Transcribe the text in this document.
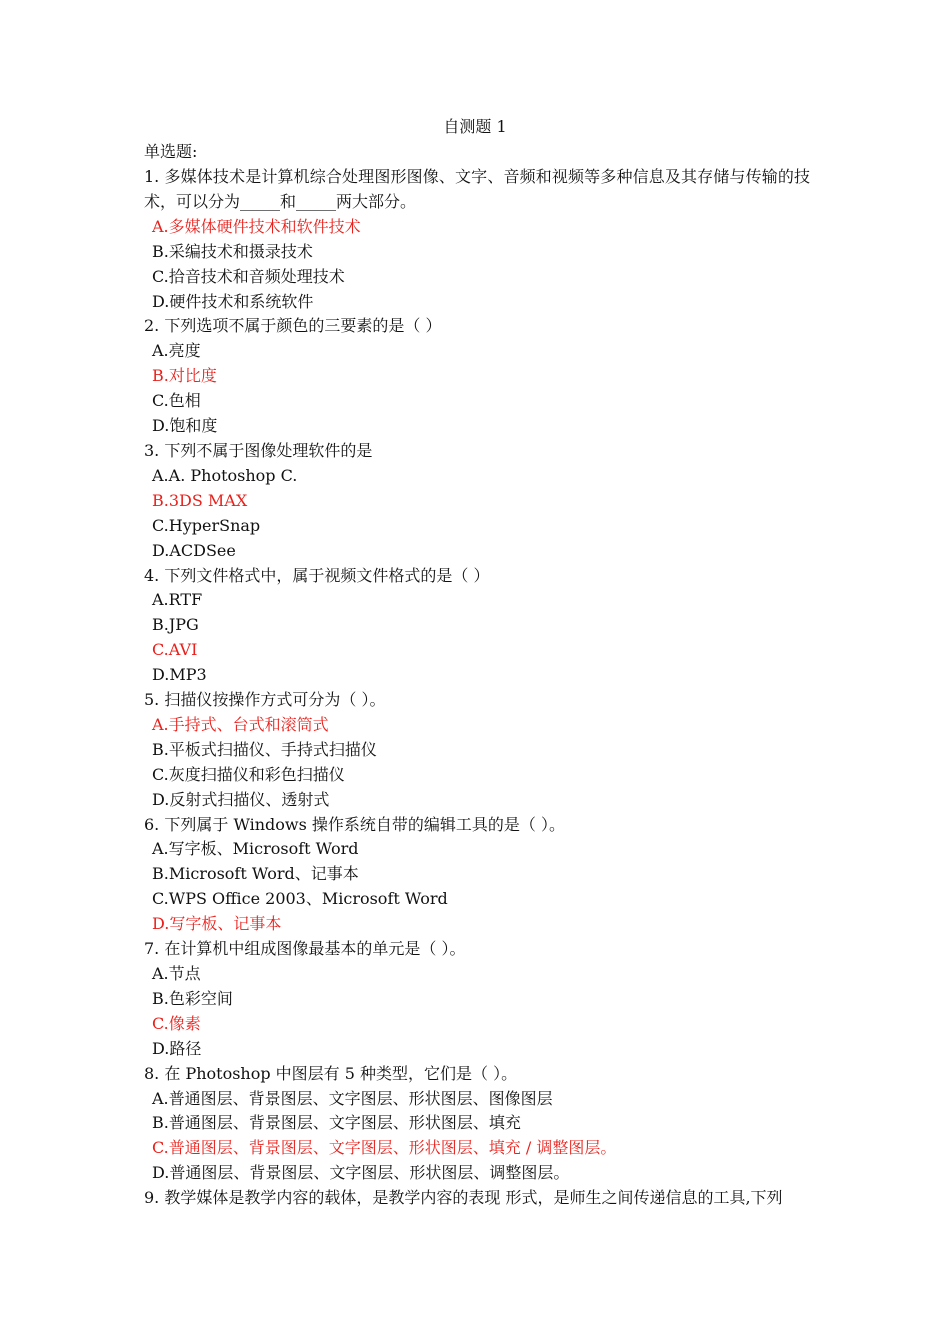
自测题 1
单选题:

1. 多媒体技术是计算机综合处理图形图像、文字、音频和视频等多种信息及其存储与传输的技术，可以分为_____和_____两大部分。

A.多媒体硬件技术和软件技术

B.采编技术和摄录技术

C.拾音技术和音频处理技术

D.硬件技术和系统软件

2. 下列选项不属于颜色的三要素的是（ ）

A.亮度

B.对比度

C.色相

D.饱和度

3. 下列不属于图像处理软件的是

A.A. Photoshop C.

B.3DS MAX

C.HyperSnap

D.ACDSee

4. 下列文件格式中，属于视频文件格式的是（ ）

A.RTF

B.JPG

C.AVI

D.MP3

5. 扫描仪按操作方式可分为（ ）。

A.手持式、台式和滚筒式

B.平板式扫描仪、手持式扫描仪

C.灰度扫描仪和彩色扫描仪

D.反射式扫描仪、透射式

6. 下列属于 Windows 操作系统自带的编辑工具的是（ ）。

A.写字板、Microsoft Word

B.Microsoft Word、记事本

C.WPS Office 2003、Microsoft Word

D.写字板、记事本

7. 在计算机中组成图像最基本的单元是（ ）。

A.节点

B.色彩空间

C.像素

D.路径

8. 在 Photoshop 中图层有 5 种类型，它们是（ ）。

A.普通图层、背景图层、文字图层、形状图层、图像图层

B.普通图层、背景图层、文字图层、形状图层、填充

C.普通图层、背景图层、文字图层、形状图层、填充 / 调整图层。

D.普通图层、背景图层、文字图层、形状图层、调整图层。

9. 教学媒体是教学内容的载体，是教学内容的表现 形式，是师生之间传递信息的工具,下列
